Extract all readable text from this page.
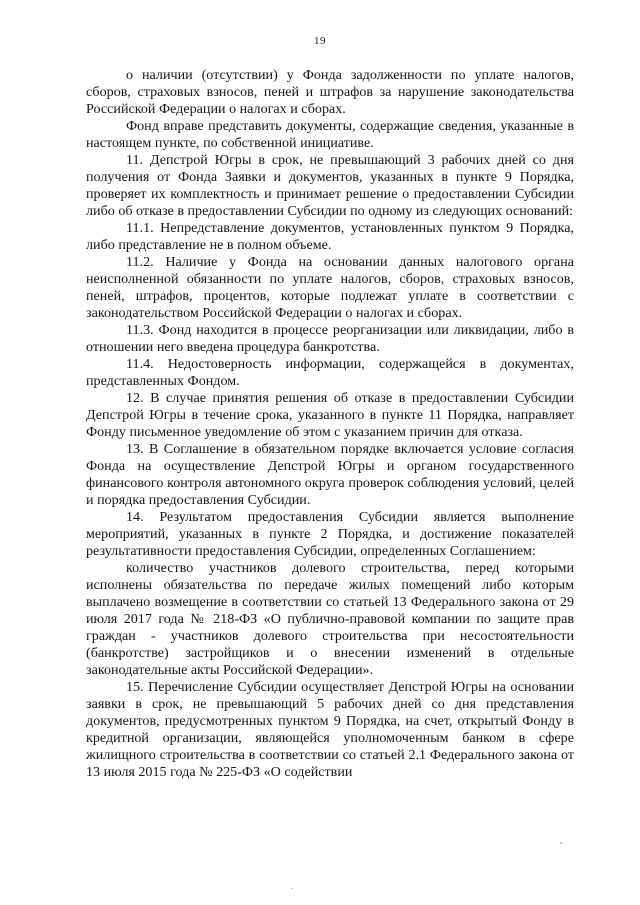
19

о наличии (отсутствии) у Фонда задолженности по уплате налогов, сборов, страховых взносов, пеней и штрафов за нарушение законодательства Российской Федерации о налогах и сборах.

Фонд вправе представить документы, содержащие сведения, указанные в настоящем пункте, по собственной инициативе.

11. Депстрой Югры в срок, не превышающий 3 рабочих дней со дня получения от Фонда Заявки и документов, указанных в пункте 9 Порядка, проверяет их комплектность и принимает решение о предоставлении Субсидии либо об отказе в предоставлении Субсидии по одному из следующих оснований:

11.1. Непредставление документов, установленных пунктом 9 Порядка, либо представление не в полном объеме.

11.2. Наличие у Фонда на основании данных налогового органа неисполненной обязанности по уплате налогов, сборов, страховых взносов, пеней, штрафов, процентов, которые подлежат уплате в соответствии с законодательством Российской Федерации о налогах и сборах.

11.3. Фонд находится в процессе реорганизации или ликвидации, либо в отношении него введена процедура банкротства.

11.4. Недостоверность информации, содержащейся в документах, представленных Фондом.

12. В случае принятия решения об отказе в предоставлении Субсидии Депстрой Югры в течение срока, указанного в пункте 11 Порядка, направляет Фонду письменное уведомление об этом с указанием причин для отказа.

13. В Соглашение в обязательном порядке включается условие согласия Фонда на осуществление Депстрой Югры и органом государственного финансового контроля автономного округа проверок соблюдения условий, целей и порядка предоставления Субсидии.

14. Результатом предоставления Субсидии является выполнение мероприятий, указанных в пункте 2 Порядка, и достижение показателей результативности предоставления Субсидии, определенных Соглашением:

количество участников долевого строительства, перед которыми исполнены обязательства по передаче жилых помещений либо которым выплачено возмещение в соответствии со статьей 13 Федерального закона от 29 июля 2017 года № 218-ФЗ «О публично-правовой компании по защите прав граждан - участников долевого строительства при несостоятельности (банкротстве) застройщиков и о внесении изменений в отдельные законодательные акты Российской Федерации».

15. Перечисление Субсидии осуществляет Депстрой Югры на основании заявки в срок, не превышающий 5 рабочих дней со дня представления документов, предусмотренных пунктом 9 Порядка, на счет, открытый Фонду в кредитной организации, являющейся уполномоченным банком в сфере жилищного строительства в соответствии со статьей 2.1 Федерального закона от 13 июля 2015 года № 225-ФЗ «О содействии
